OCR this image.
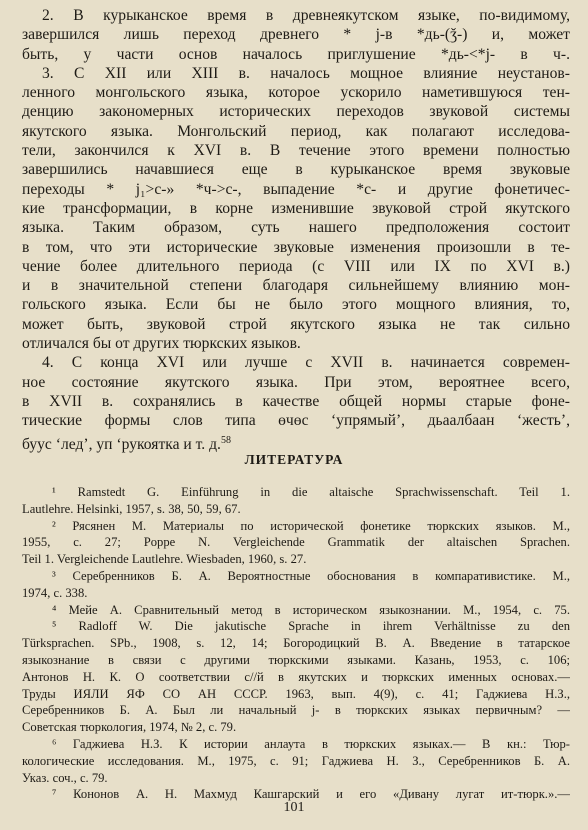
2. В курыканское время в древнеякутском языке, по-видимому,
завершился лишь переход древнего * j-в *дь-(ǯ-) и, может
быть, у части основ началось приглушение *дь-<*j- в ч-.
3. С XII или XIII в. началось мощное влияние неустанов-
ленного монгольского языка, которое ускорило наметившуюся тен-
денцию закономерных исторических переходов звуковой системы
якутского языка. Монгольский период, как полагают исследова-
тели, закончился к XVI в. В течение этого времени полностью
завершились начавшиеся еще в курыканское время звуковые
переходы * j₁>c-» *ч->c-, выпадение *c- и другие фонетичес-
кие трансформации, в корне изменившие звуковой строй якутского
языка. Таким образом, суть нашего предположения состоит
в том, что эти исторические звуковые изменения произошли в те-
чение более длительного периода (с VIII или IX по XVI в.)
и в значительной степени благодаря сильнейшему влиянию мон-
гольского языка. Если бы не было этого мощного влияния, то,
может быть, звуковой строй якутского языка не так сильно
отличался бы от других тюркских языков.
4. С конца XVI или лучше с XVII в. начинается современ-
ное состояние якутского языка. При этом, вероятнее всего,
в XVII в. сохранялись в качестве общей нормы старые фоне-
тические формы слов типа өчөс ‘упрямый’, дьаалбаан ‘жесть’,
буус ‘лед’, уп ‘рукоятка и т. д.$^{58}$
ЛИТЕРАТУРА
¹ Ramstedt G. Einführung in die altaische Sprachwissenschaft. Teil 1.
Lautlehre. Helsinki, 1957, s. 38, 50, 59, 67.
² Рясянен М. Материалы по исторической фонетике тюркских языков. М.,
1955, с. 27; Poppe N. Vergleichende Grammatik der altaischen Sprachen.
Teil 1. Vergleichende Lautlehre. Wiesbaden, 1960, s. 27.
³ Серебренников Б. А. Вероятностные обоснования в компаративистике. М.,
1974, с. 338.
⁴ Мейе А. Сравнительный метод в историческом языкознании. М., 1954, с. 75.
⁵ Radloff W. Die jakutische Sprache in ihrem Verhältnisse zu den
Türksprachen. SPb., 1908, s. 12, 14; Богородицкий В. А. Введение в татарское
языкознание в связи с другими тюркскими языками. Казань, 1953, с. 106;
Антонов Н. К. О соответствии с//й в якутских и тюркских именных основах.—
Труды ИЯЛИ ЯФ СО АН СССР. 1963, вып. 4(9), с. 41; Гаджиева Н.З.,
Серебренников Б. А. Был ли начальный j- в тюркских языках первичным? —
Советская тюркология, 1974, № 2, с. 79.
⁶ Гаджиева Н.З. К истории анлаута в тюркских языках.— В кн.: Тюр-
кологические исследования. М., 1975, с. 91; Гаджиева Н. З., Серебренников Б. А.
Указ. соч., с. 79.
⁷ Кононов А. Н. Махмуд Кашгарский и его «Дивану лугат ит-тюрк.».—
101
